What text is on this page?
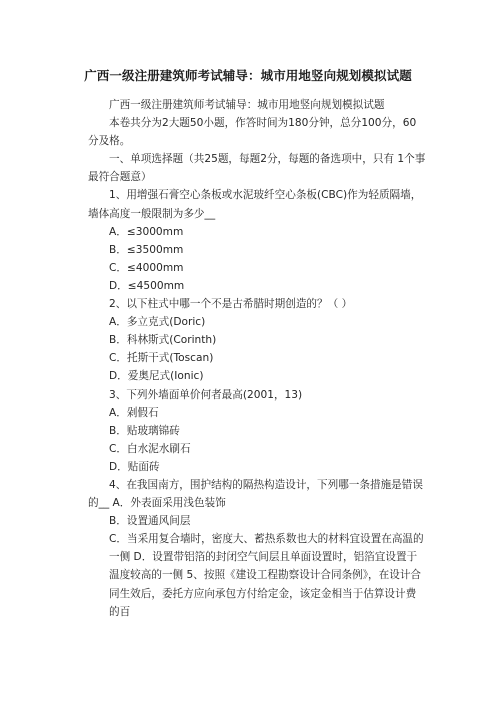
广西一级注册建筑师考试辅导：城市用地竖向规划模拟试题

广西一级注册建筑师考试辅导：城市用地竖向规划模拟试题

本卷共分为2大题50小题，作答时间为180分钟，总分100分，60分及格。

一、单项选择题（共25题，每题2分，每题的备选项中，只有 1个事最符合题意）

1、用增强石膏空心条板或水泥玻纤空心条板(CBC)作为轻质隔墙，墙体高度一般限制为多少__

A．≤3000mm

B．≤3500mm

C．≤4000mm

D．≤4500mm

2、以下柱式中哪一个不是古希腊时期创造的？（ ）

A．多立克式(Doric)

B．科林斯式(Corinth)

C．托斯干式(Toscan)

D．爱奥尼式(Ionic)

3、下列外墙面单价何者最高(2001，13)

A．剁假石

B．贴玻璃锦砖

C．白水泥水刷石

D．贴面砖

4、在我国南方，围护结构的隔热构造设计，下列哪一条措施是错误的__ A．外表面采用浅色装饰

B．设置通风间层

C．当采用复合墙时，密度大、蓄热系数也大的材料宜设置在高温的一侧 D．设置带铝箔的封闭空气间层且单面设置时，铝箔宜设置于温度较高的一侧 5、按照《建设工程勘察设计合同条例》，在设计合同生效后，委托方应向承包方付给定金，该定金相当于估算设计费的百
